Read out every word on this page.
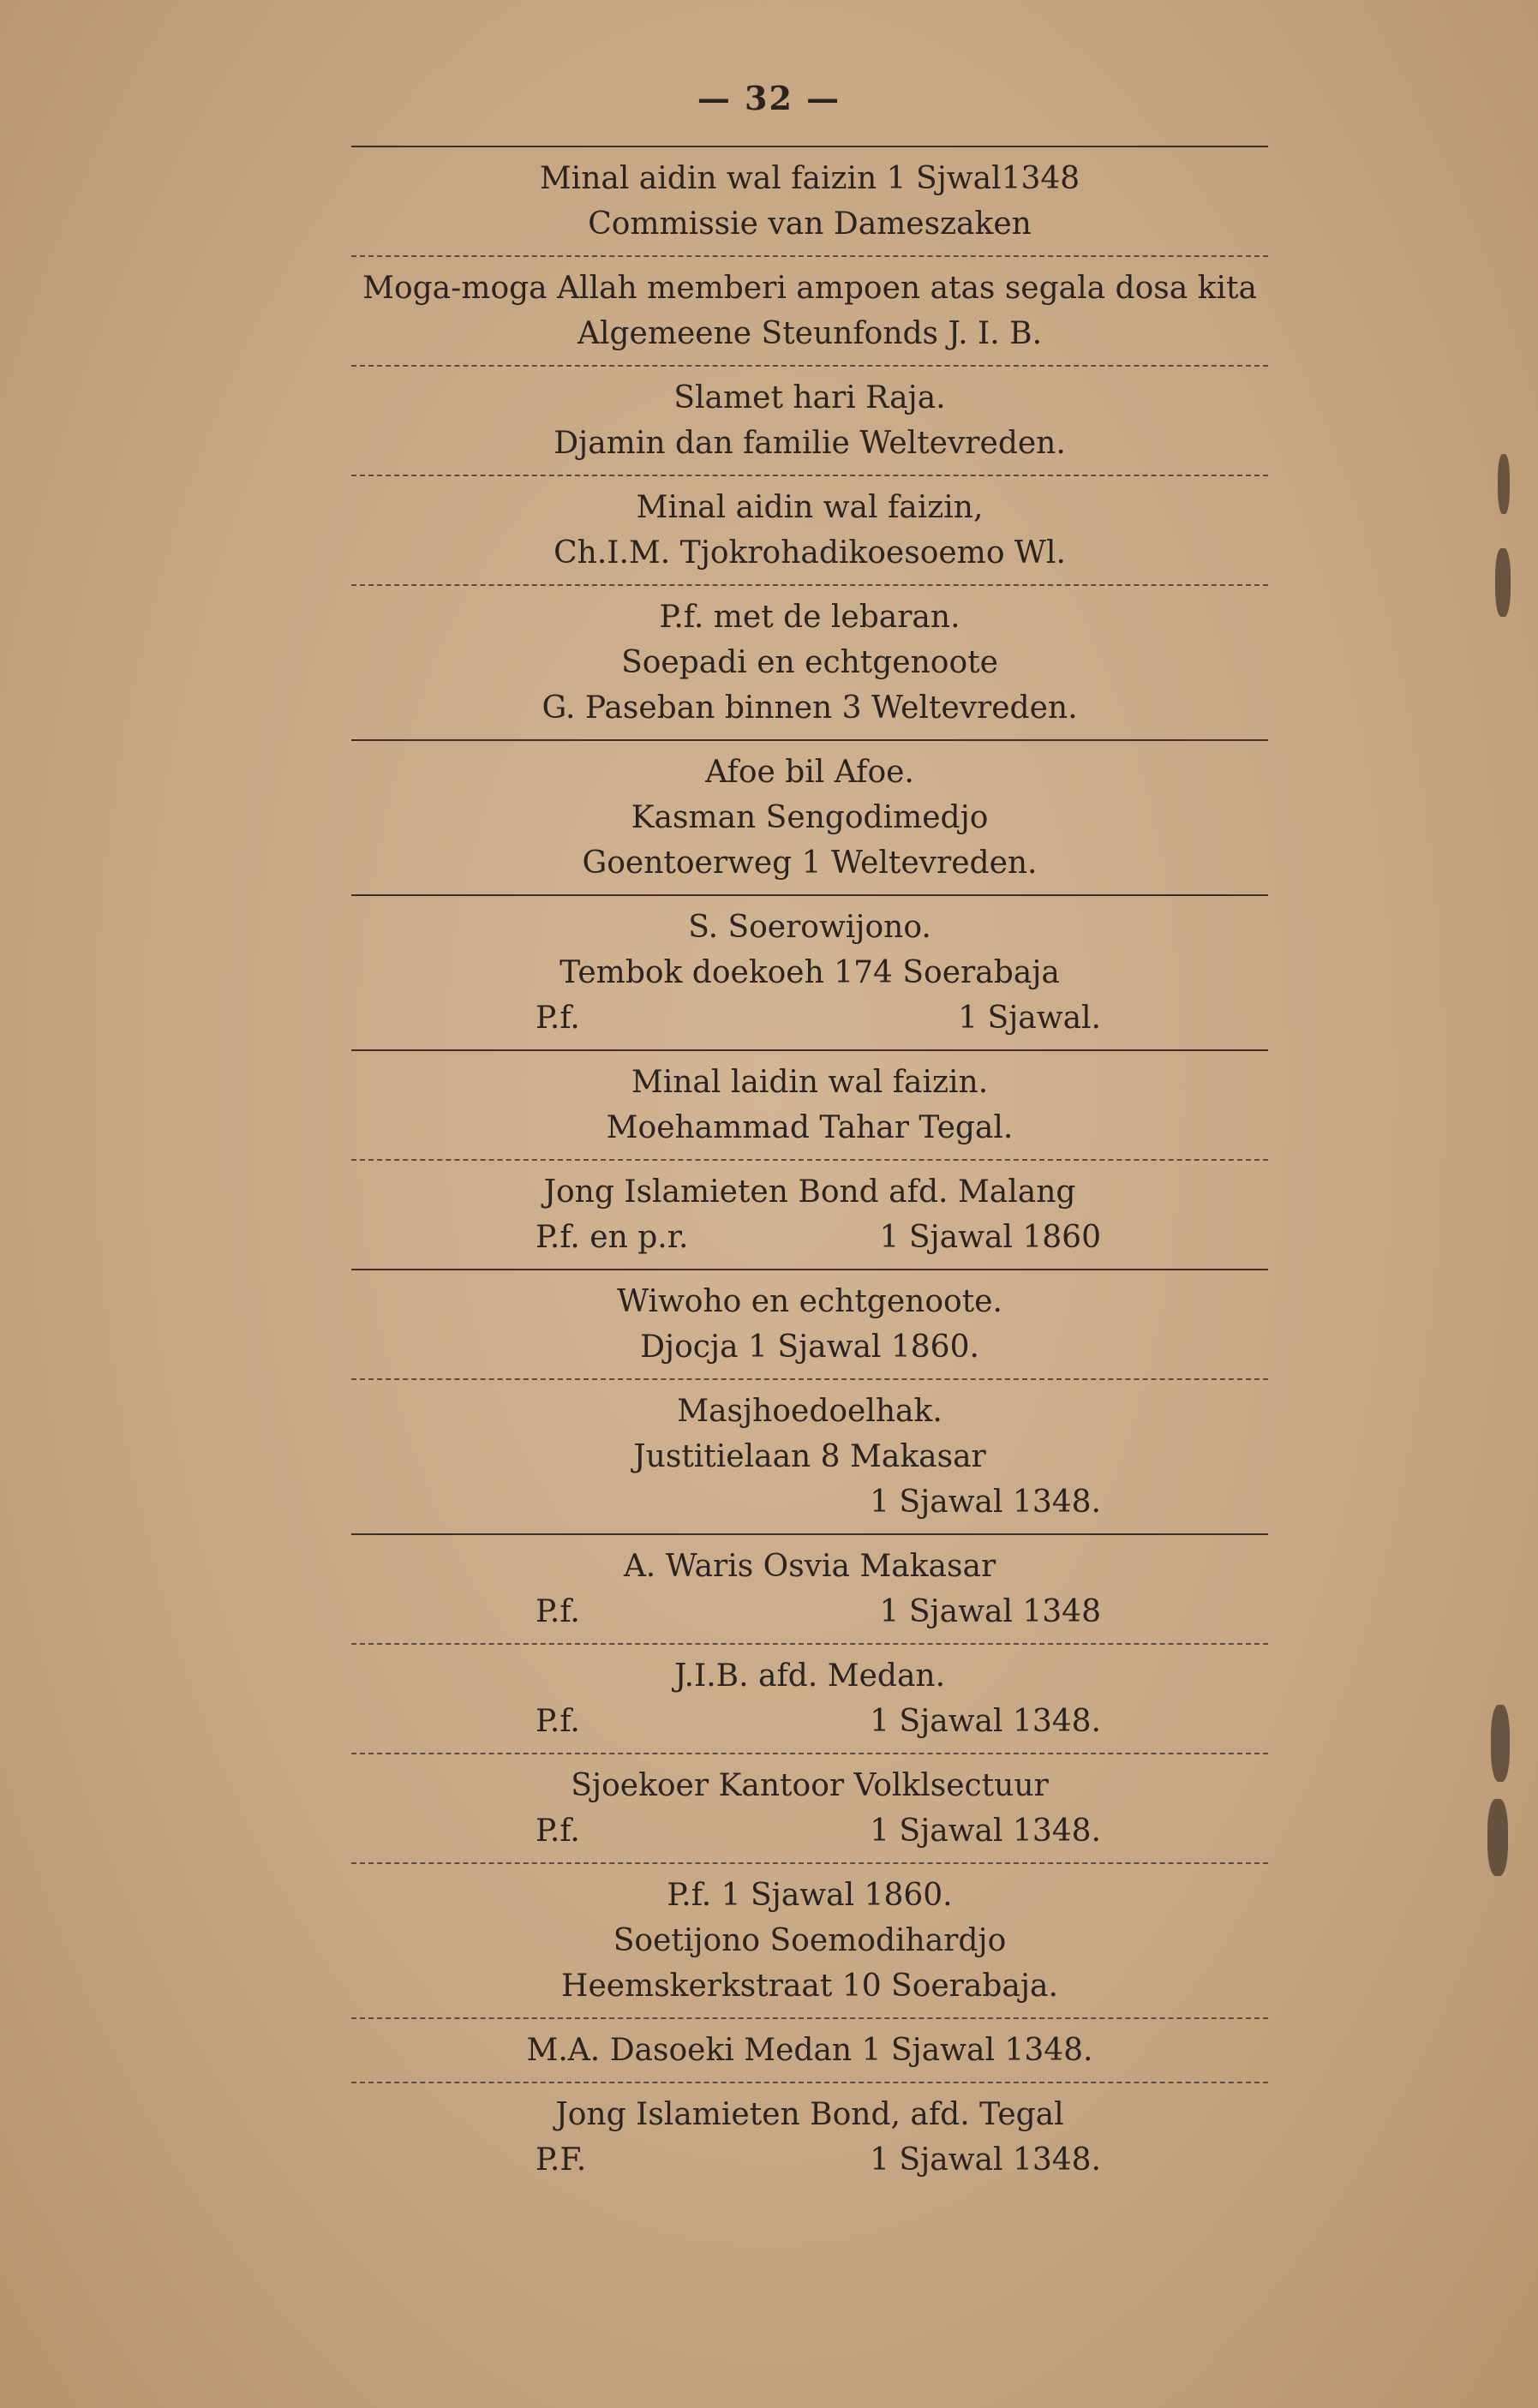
— 32 —
Minal aidin wal faizin 1 Sjwal1348
Commissie van Dameszaken
Moga-moga Allah memberi ampoen atas segala dosa kita
Algemeene Steunfonds J. I. B.
Slamet hari Raja.
Djamin dan familie Weltevreden.
Minal aidin wal faizin,
Ch.I.M. Tjokrohadikoesoemo Wl.
P.f. met de lebaran.
Soepadi en echtgenoote
G. Paseban binnen 3 Weltevreden.
Afoe bil Afoe.
Kasman Sengodimedjo
Goentoerweg 1 Weltevreden.
S. Soerowijono.
Tembok doekoeh 174 Soerabaja
P.f.	1 Sjawal.
Minal laidin wal faizin.
Moehammad Tahar Tegal.
Jong Islamieten Bond afd. Malang
P.f. en p.r.	1 Sjawal 1860
Wiwoho en echtgenoote.
Djocja 1 Sjawal 1860.
Masjhoedoelhak.
Justitielaan 8 Makasar
1 Sjawal 1348.
A. Waris Osvia Makasar
P.f.	1 Sjawal 1348
J.I.B. afd. Medan.
P.f.	1 Sjawal 1348.
Sjoekoer Kantoor Volklsectuur
P.f.	1 Sjawal 1348.
P.f. 1 Sjawal 1860.
Soetijono Soemodihardjo
Heemskerkstraat 10 Soerabaja.
M.A. Dasoeki Medan 1 Sjawal 1348.
Jong Islamieten Bond, afd. Tegal
P.F.	1 Sjawal 1348.
